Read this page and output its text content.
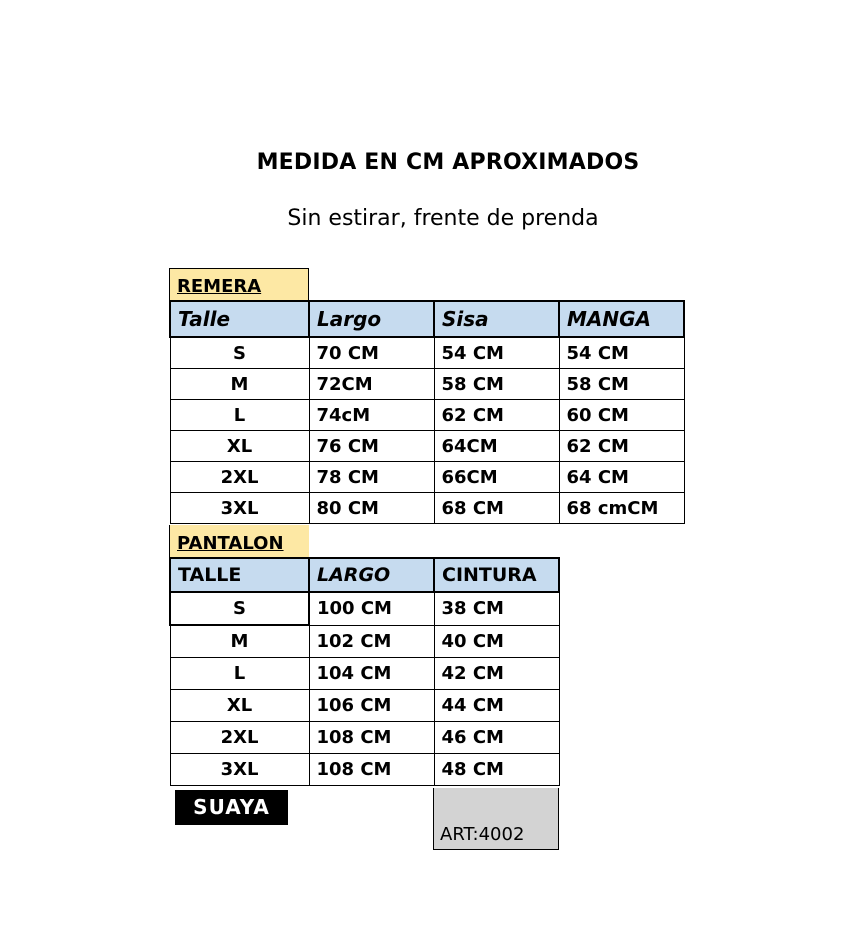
MEDIDA EN CM APROXIMADOS
Sin estirar, frente de prenda
REMERA
Talle	Largo	Sisa	MANGA
S	70 CM	54 CM	54 CM
M	72CM	58 CM	58 CM
L	74cM	62 CM	60 CM
XL	76 CM	64CM	62 CM
2XL	78 CM	66CM	64 CM
3XL	80 CM	68 CM	68 cmCM
PANTALON
TALLE	LARGO	CINTURA
S	100 CM	38 CM
M	102 CM	40 CM
L	104 CM	42 CM
XL	106 CM	44 CM
2XL	108 CM	46 CM
3XL	108 CM	48 CM
SUAYA
ART:4002
